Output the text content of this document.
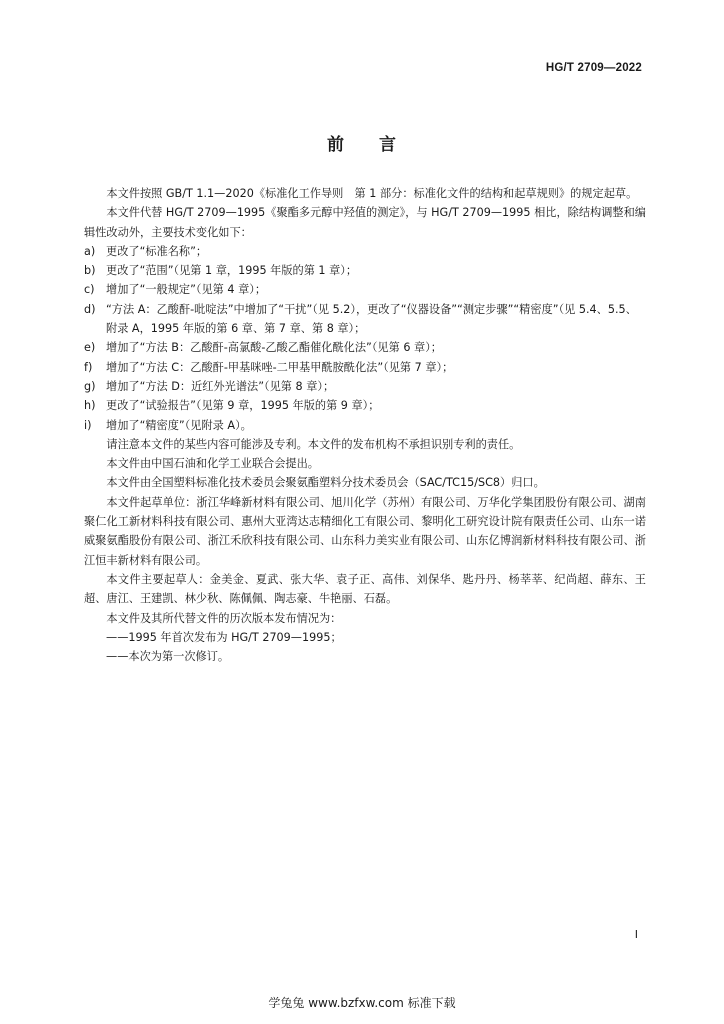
HG/T 2709—2022
前 言

本文件按照 GB/T 1.1—2020《标准化工作导则　第 1 部分：标准化文件的结构和起草规则》的规定起草。

本文件代替 HG/T 2709—1995《聚酯多元醇中羟值的测定》，与 HG/T 2709—1995 相比，除结构调整和编辑性改动外，主要技术变化如下：

a) 更改了“标准名称”；

b) 更改了“范围”（见第 1 章，1995 年版的第 1 章）；

c)	增加了“一般规定”（见第 4 章）；

d) “方法 A：乙酸酐-吡啶法”中增加了“干扰”（见 5.2），更改了“仪器设备”“测定步骤”“精密度”（见 5.4、5.5、附录 A，1995 年版的第 6 章、第 7 章、第 8 章）；

e) 增加了“方法 B：乙酸酐-高氯酸-乙酸乙酯催化酰化法”（见第 6 章）；

f)	增加了“方法 C：乙酸酐-甲基咪唑-二甲基甲酰胺酰化法”（见第 7 章）；

g) 增加了“方法 D：近红外光谱法”（见第 8 章）；

h) 更改了“试验报告”（见第 9 章，1995 年版的第 9 章）；

i)	增加了“精密度”（见附录 A）。

请注意本文件的某些内容可能涉及专利。本文件的发布机构不承担识别专利的责任。

本文件由中国石油和化学工业联合会提出。

本文件由全国塑料标准化技术委员会聚氨酯塑料分技术委员会（SAC/TC15/SC8）归口。

本文件起草单位：浙江华峰新材料有限公司、旭川化学（苏州）有限公司、万华化学集团股份有限公司、湖南聚仁化工新材料科技有限公司、惠州大亚湾达志精细化工有限公司、黎明化工研究设计院有限责任公司、山东一诺威聚氨酯股份有限公司、浙江禾欣科技有限公司、山东科力美实业有限公司、山东亿博润新材料科技有限公司、浙江恒丰新材料有限公司。

本文件主要起草人：金美金、夏武、张大华、袁子正、高伟、刘保华、匙丹丹、杨莘莘、纪尚超、薛东、王超、唐江、王建凯、林少秋、陈佩佩、陶志豪、牛艳丽、石磊。

本文件及其所代替文件的历次版本发布情况为：

——1995 年首次发布为 HG/T 2709—1995；

——本次为第一次修订。

I
学兔兔 www.bzfxw.com 标准下载
